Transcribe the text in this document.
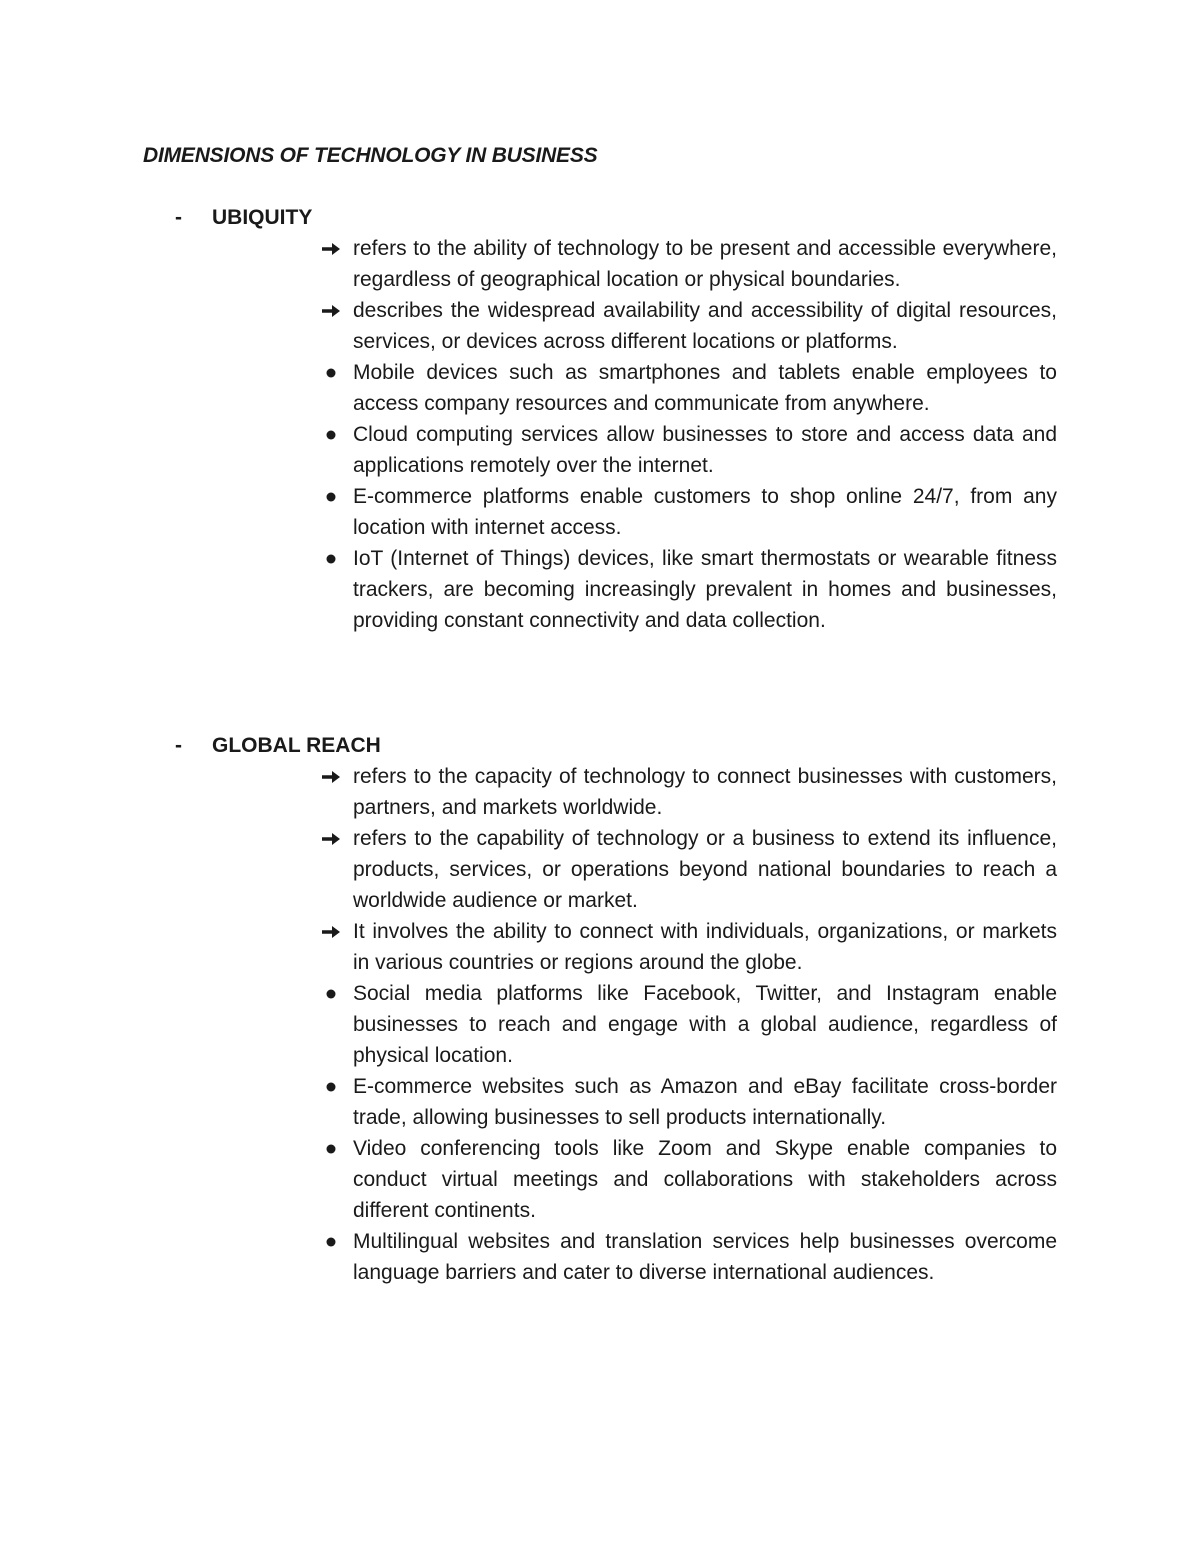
DIMENSIONS OF TECHNOLOGY IN BUSINESS
- UBIQUITY
refers to the ability of technology to be present and accessible everywhere, regardless of geographical location or physical boundaries.
describes the widespread availability and accessibility of digital resources, services, or devices across different locations or platforms.
Mobile devices such as smartphones and tablets enable employees to access company resources and communicate from anywhere.
Cloud computing services allow businesses to store and access data and applications remotely over the internet.
E-commerce platforms enable customers to shop online 24/7, from any location with internet access.
IoT (Internet of Things) devices, like smart thermostats or wearable fitness trackers, are becoming increasingly prevalent in homes and businesses, providing constant connectivity and data collection.
- GLOBAL REACH
refers to the capacity of technology to connect businesses with customers, partners, and markets worldwide.
refers to the capability of technology or a business to extend its influence, products, services, or operations beyond national boundaries to reach a worldwide audience or market.
It involves the ability to connect with individuals, organizations, or markets in various countries or regions around the globe.
Social media platforms like Facebook, Twitter, and Instagram enable businesses to reach and engage with a global audience, regardless of physical location.
E-commerce websites such as Amazon and eBay facilitate cross-border trade, allowing businesses to sell products internationally.
Video conferencing tools like Zoom and Skype enable companies to conduct virtual meetings and collaborations with stakeholders across different continents.
Multilingual websites and translation services help businesses overcome language barriers and cater to diverse international audiences.
